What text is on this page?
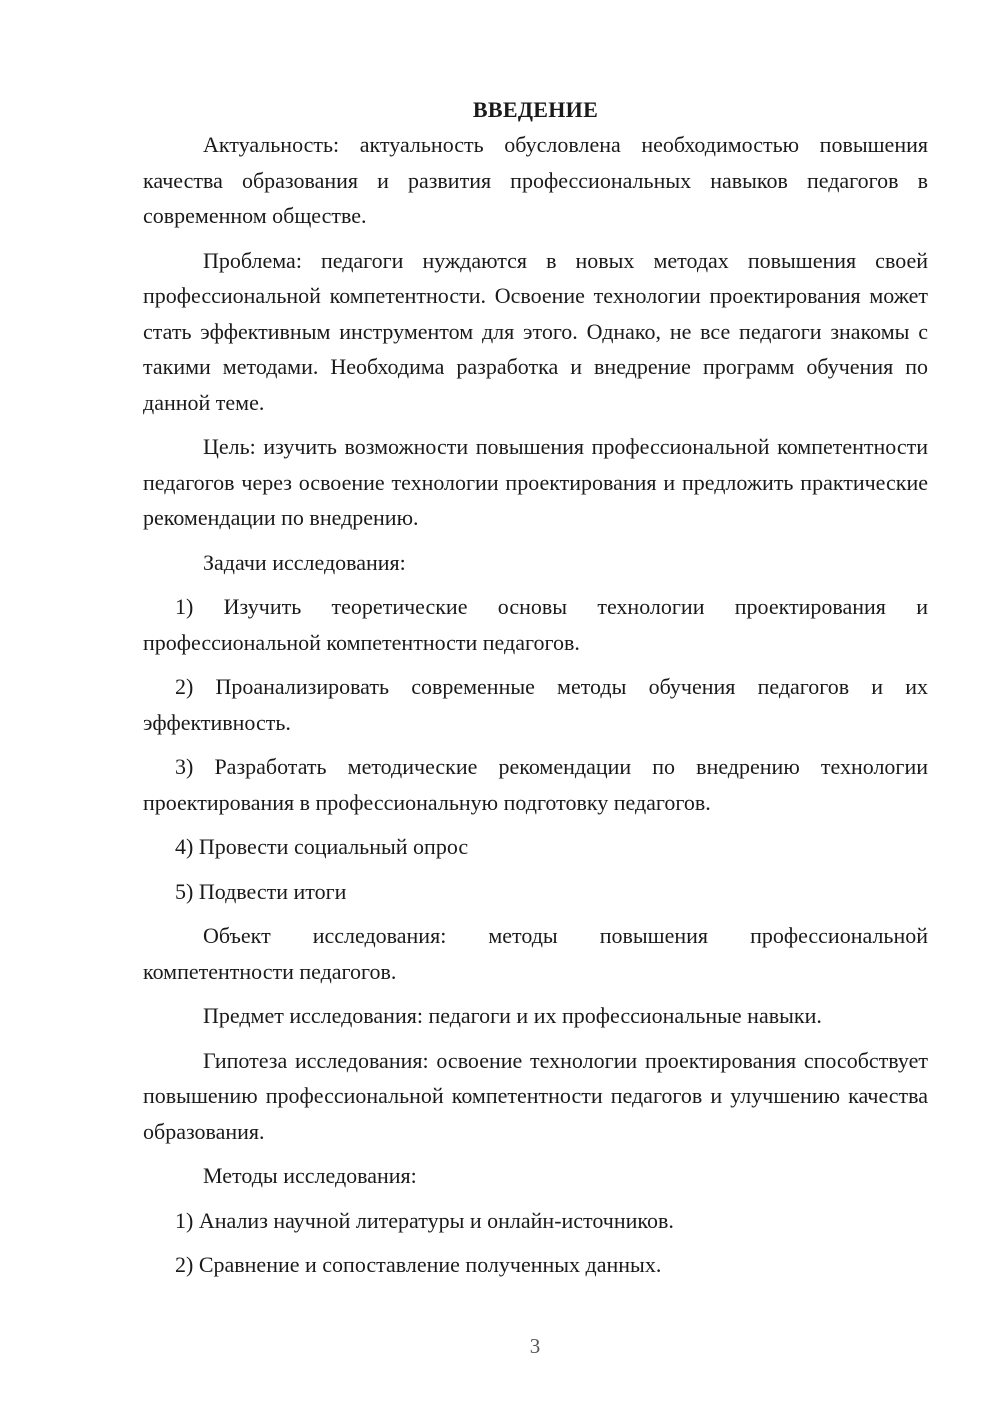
ВВЕДЕНИЕ

Актуальность: актуальность обусловлена необходимостью повышения качества образования и развития профессиональных навыков педагогов в современном обществе.

Проблема: педагоги нуждаются в новых методах повышения своей профессиональной компетентности. Освоение технологии проектирования может стать эффективным инструментом для этого. Однако, не все педагоги знакомы с такими методами. Необходима разработка и внедрение программ обучения по данной теме.

Цель: изучить возможности повышения профессиональной компетентности педагогов через освоение технологии проектирования и предложить практические рекомендации по внедрению.

Задачи исследования:

1) Изучить теоретические основы технологии проектирования и профессиональной компетентности педагогов.

2) Проанализировать современные методы обучения педагогов и их эффективность.

3) Разработать методические рекомендации по внедрению технологии проектирования в профессиональную подготовку педагогов.

4) Провести социальный опрос

5) Подвести итоги

Объект исследования: методы повышения профессиональной компетентности педагогов.

Предмет исследования: педагоги и их профессиональные навыки.

Гипотеза исследования: освоение технологии проектирования способствует повышению профессиональной компетентности педагогов и улучшению качества образования.

Методы исследования:

1) Анализ научной литературы и онлайн-источников.

2) Сравнение и сопоставление полученных данных.

3
